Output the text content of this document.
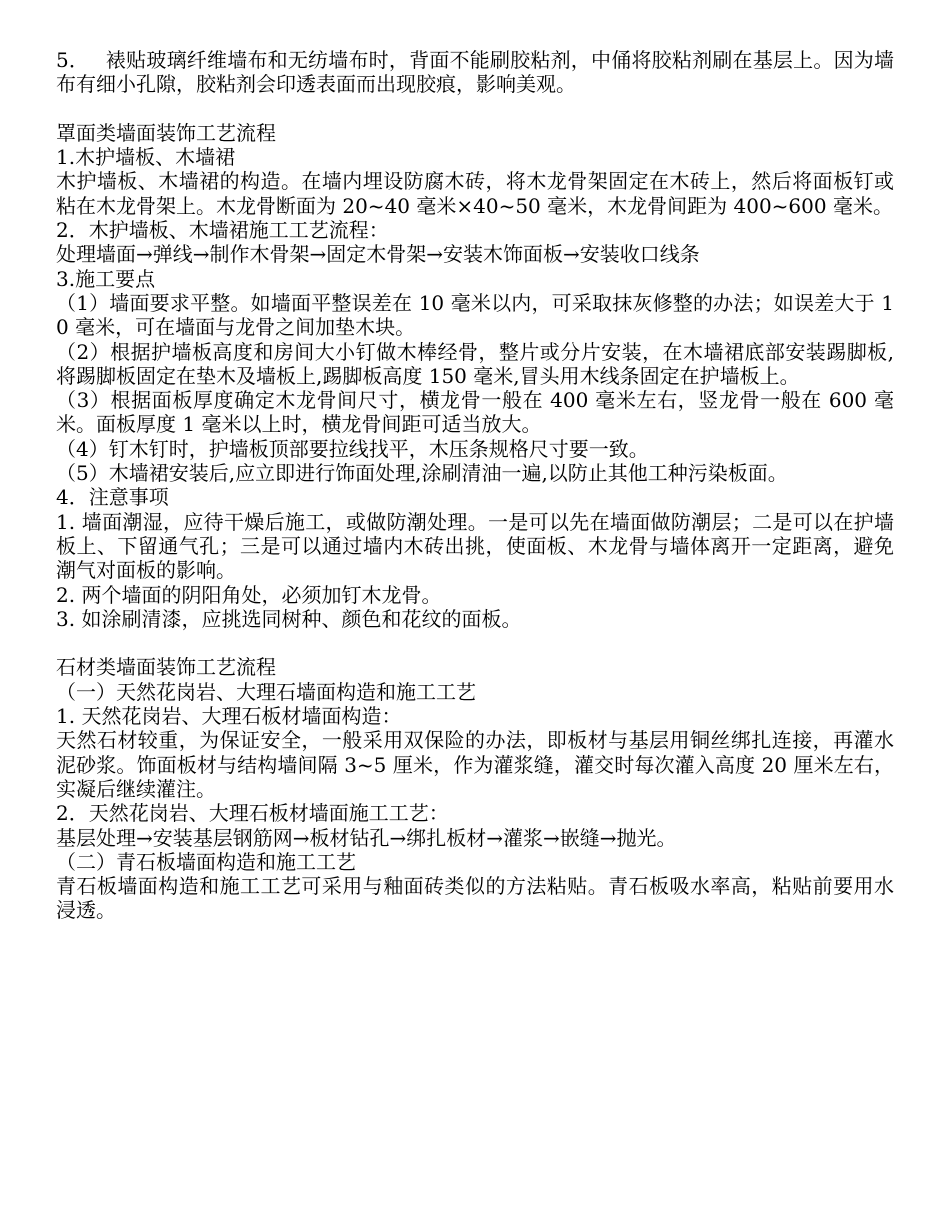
5．　 裱贴玻璃纤维墙布和无纺墙布时，背面不能刷胶粘剂，中俑将胶粘剂刷在基层上。因为墙布有细小孔隙，胶粘剂会印透表面而出现胶痕，影响美观。

罩面类墙面装饰工艺流程

1.木护墙板、木墙裙

木护墙板、木墙裙的构造。在墙内埋设防腐木砖，将木龙骨架固定在木砖上，然后将面板钉或粘在木龙骨架上。木龙骨断面为 20~40 毫米×40~50 毫米，木龙骨间距为 400~600 毫米。

2．木护墙板、木墙裙施工工艺流程：

处理墙面→弹线→制作木骨架→固定木骨架→安装木饰面板→安装收口线条

3.施工要点

（1）墙面要求平整。如墙面平整误差在 10 毫米以内，可采取抹灰修整的办法；如误差大于 10 毫米，可在墙面与龙骨之间加垫木块。

（2）根据护墙板高度和房间大小钉做木棒经骨，整片或分片安装，在木墙裙底部安装踢脚板,将踢脚板固定在垫木及墙板上,踢脚板高度 150 毫米,冒头用木线条固定在护墙板上。

（3）根据面板厚度确定木龙骨间尺寸，横龙骨一般在 400 毫米左右，竖龙骨一般在 600 毫米。面板厚度 1 毫米以上时，横龙骨间距可适当放大。

（4）钉木钉时，护墙板顶部要拉线找平，木压条规格尺寸要一致。

（5）木墙裙安装后,应立即进行饰面处理,涂刷清油一遍,以防止其他工种污染板面。

4．注意事项

1. 墙面潮湿，应待干燥后施工，或做防潮处理。一是可以先在墙面做防潮层；二是可以在护墙板上、下留通气孔；三是可以通过墙内木砖出挑，使面板、木龙骨与墙体离开一定距离，避免潮气对面板的影响。

2. 两个墙面的阴阳角处，必须加钉木龙骨。

3. 如涂刷清漆，应挑选同树种、颜色和花纹的面板。

石材类墙面装饰工艺流程

（一）天然花岗岩、大理石墙面构造和施工工艺

1. 天然花岗岩、大理石板材墙面构造：

天然石材较重，为保证安全，一般采用双保险的办法，即板材与基层用铜丝绑扎连接，再灌水泥砂浆。饰面板材与结构墙间隔 3~5 厘米，作为灌浆缝，灌交时每次灌入高度 20 厘米左右，实凝后继续灌注。

2．天然花岗岩、大理石板材墙面施工工艺：

基层处理→安装基层钢筋网→板材钻孔→绑扎板材→灌浆→嵌缝→抛光。

（二）青石板墙面构造和施工工艺

青石板墙面构造和施工工艺可采用与釉面砖类似的方法粘贴。青石板吸水率高，粘贴前要用水浸透。
